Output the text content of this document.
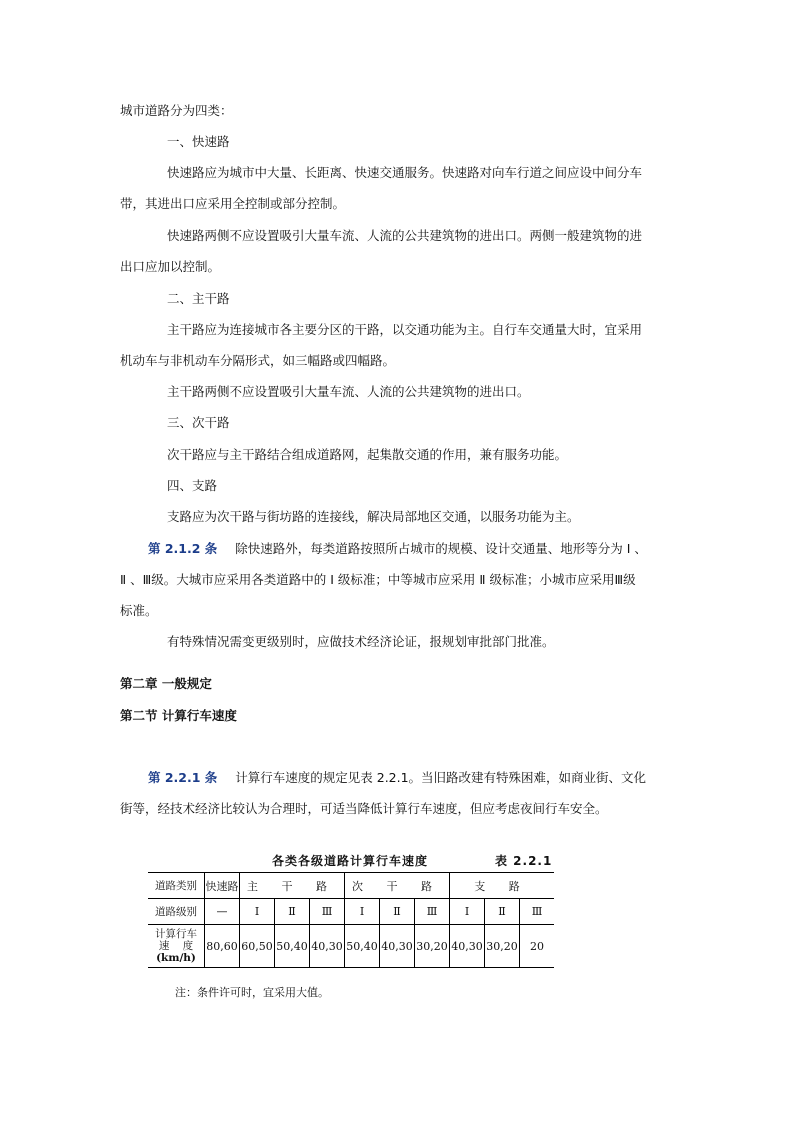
城市道路分为四类：
一、快速路
快速路应为城市中大量、长距离、快速交通服务。快速路对向车行道之间应设中间分车
带，其进出口应采用全控制或部分控制。
快速路两侧不应设置吸引大量车流、人流的公共建筑物的进出口。两侧一般建筑物的进
出口应加以控制。
二、主干路
主干路应为连接城市各主要分区的干路，以交通功能为主。自行车交通量大时，宜采用
机动车与非机动车分隔形式，如三幅路或四幅路。
主干路两侧不应设置吸引大量车流、人流的公共建筑物的进出口。
三、次干路
次干路应与主干路结合组成道路网，起集散交通的作用，兼有服务功能。
四、支路
支路应为次干路与街坊路的连接线，解决局部地区交通，以服务功能为主。
第 2.1.2 条 除快速路外，每类道路按照所占城市的规模、设计交通量、地形等分为 Ⅰ 、
Ⅱ 、Ⅲ级。大城市应采用各类道路中的 Ⅰ 级标准；中等城市应采用 Ⅱ 级标准；小城市应采用Ⅲ级
标准。
有特殊情况需变更级别时，应做技术经济论证，报规划审批部门批准。
第二章 一般规定
第二节 计算行车速度
第 2.2.1 条 计算行车速度的规定见表 2.2.1。当旧路改建有特殊困难，如商业街、文化
街等，经技术经济比较认为合理时，可适当降低计算行车速度，但应考虑夜间行车安全。
各类各级道路计算行车速度	表 2.2.1
道路类别	快速路	主 干 路			次 干 路			支 路		
道路级别	—	Ⅰ	Ⅱ	Ⅲ	Ⅰ	Ⅱ	Ⅲ	Ⅰ	Ⅱ	Ⅲ

计算行车
速    度
(km/h)	80,60	60,50	50,40	40,30	50,40	40,30	30,20	40,30	30,20	20
注：条件许可时，宜采用大值。
